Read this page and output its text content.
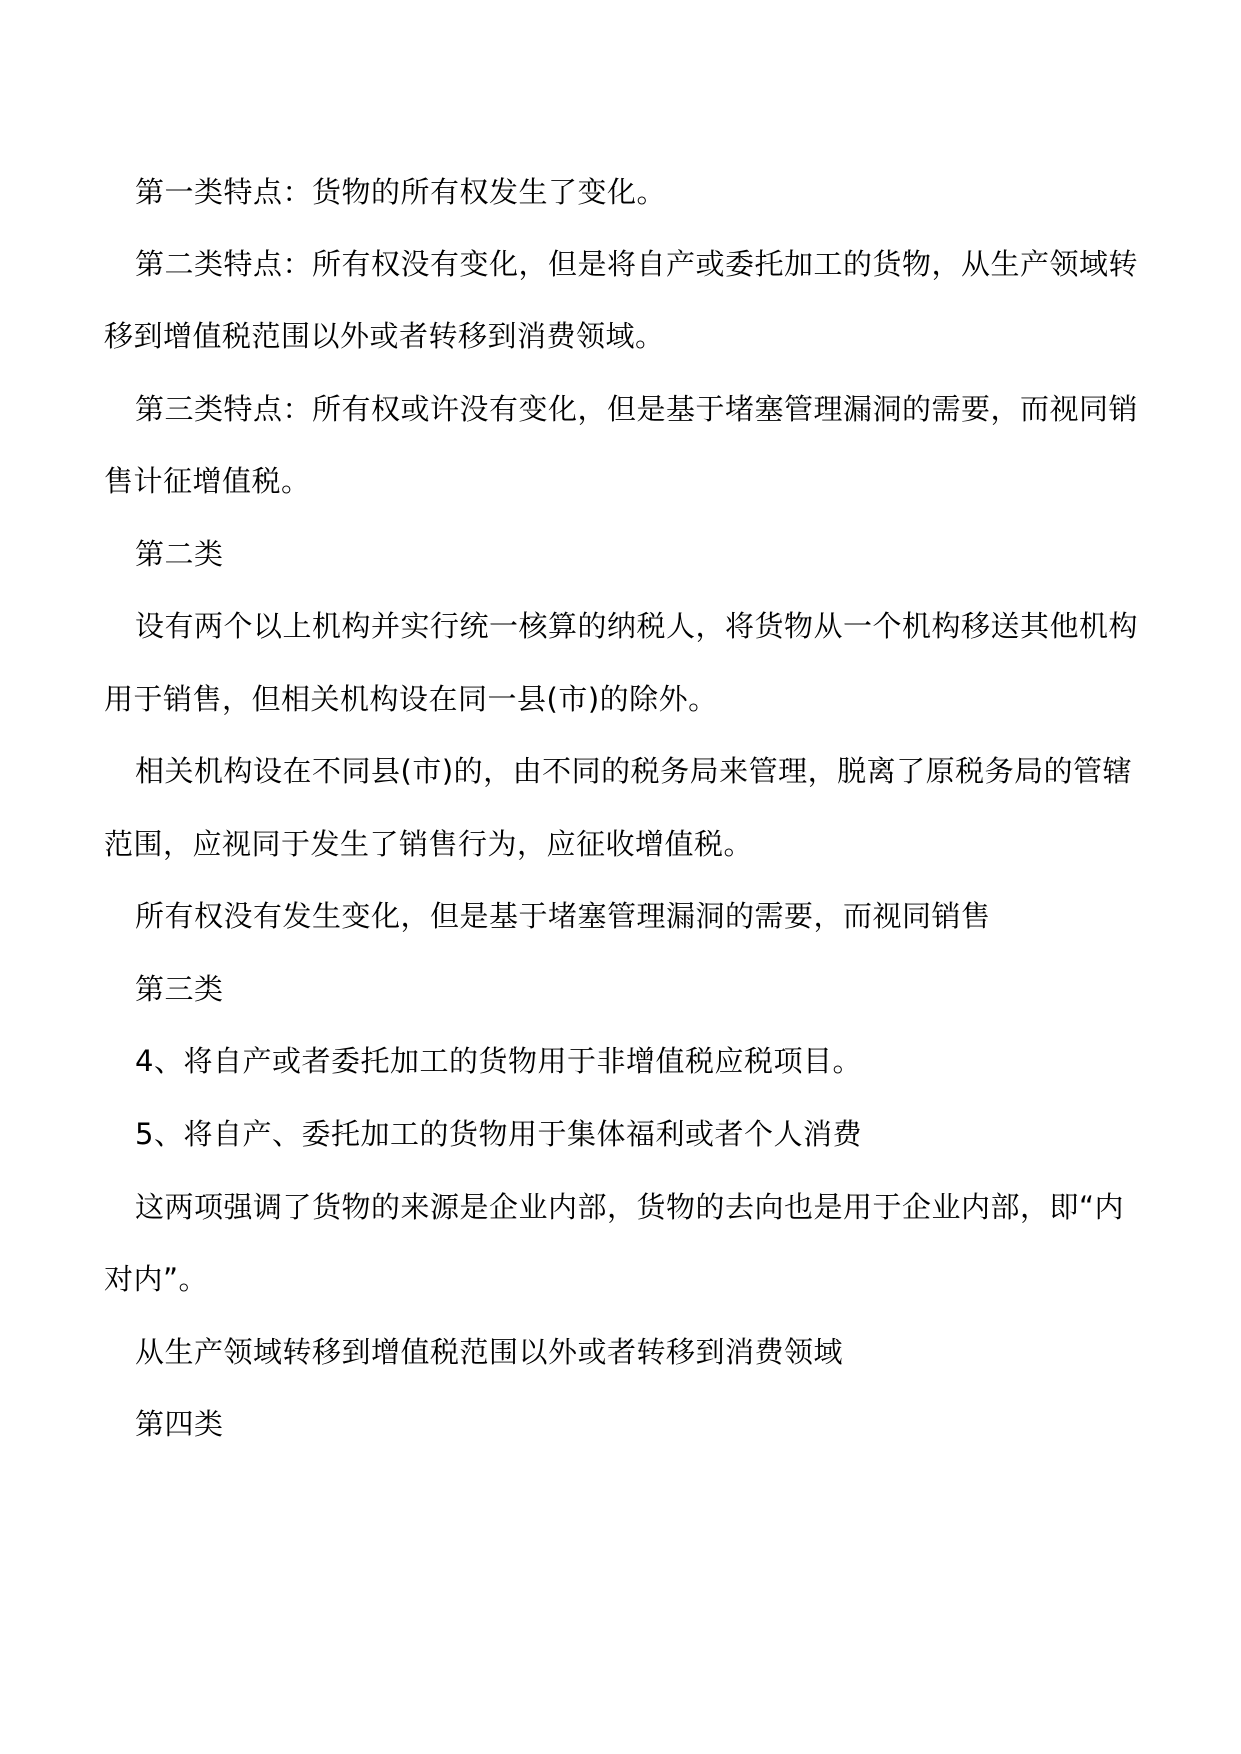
第一类特点：货物的所有权发生了变化。
第二类特点：所有权没有变化，但是将自产或委托加工的货物，从生产领域转
移到增值税范围以外或者转移到消费领域。
第三类特点：所有权或许没有变化，但是基于堵塞管理漏洞的需要，而视同销
售计征增值税。
第二类
设有两个以上机构并实行统一核算的纳税人，将货物从一个机构移送其他机构
用于销售，但相关机构设在同一县(市)的除外。
相关机构设在不同县(市)的，由不同的税务局来管理，脱离了原税务局的管辖
范围，应视同于发生了销售行为，应征收增值税。
所有权没有发生变化，但是基于堵塞管理漏洞的需要，而视同销售
第三类
4、将自产或者委托加工的货物用于非增值税应税项目。
5、将自产、委托加工的货物用于集体福利或者个人消费
这两项强调了货物的来源是企业内部，货物的去向也是用于企业内部，即“内
对内”。
从生产领域转移到增值税范围以外或者转移到消费领域
第四类
